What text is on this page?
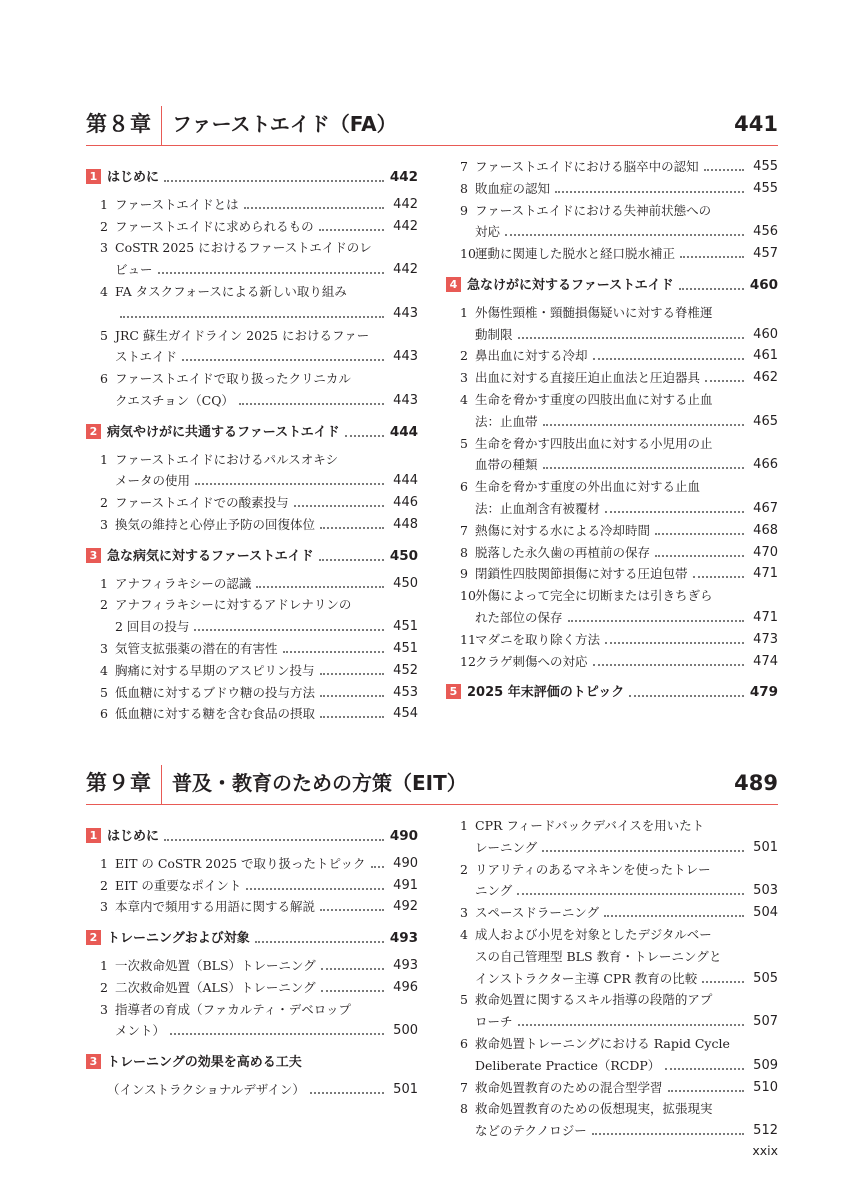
第８章	ファーストエイド（FA）	441
1 はじめに	442
1 ファーストエイドとは	442
2 ファーストエイドに求められるもの	442
3 CoSTR 2025 におけるファーストエイドのレ
ビュー	442
4 FA タスクフォースによる新しい取り組み
443
5 JRC 蘇生ガイドライン 2025 におけるファー
ストエイド	443
6 ファーストエイドで取り扱ったクリニカル
クエスチョン（CQ）	443
2 病気やけがに共通するファーストエイド	444
1 ファーストエイドにおけるパルスオキシ
メータの使用	444
2 ファーストエイドでの酸素投与	446
3 換気の維持と心停止予防の回復体位	448
3 急な病気に対するファーストエイド	450
1 アナフィラキシーの認識	450
2 アナフィラキシーに対するアドレナリンの
2 回目の投与	451
3 気管支拡張薬の潜在的有害性	451
4 胸痛に対する早期のアスピリン投与	452
5 低血糖に対するブドウ糖の投与方法	453
6 低血糖に対する糖を含む食品の摂取	454
7 ファーストエイドにおける脳卒中の認知	455
8 敗血症の認知	455
9 ファーストエイドにおける失神前状態への
対応	456
10運動に関連した脱水と経口脱水補正	457
4 急なけがに対するファーストエイド	460
1 外傷性頸椎・頸髄損傷疑いに対する脊椎運
動制限	460
2 鼻出血に対する冷却	461
3 出血に対する直接圧迫止血法と圧迫器具	462
4 生命を脅かす重度の四肢出血に対する止血
法：止血帯	465
5 生命を脅かす四肢出血に対する小児用の止
血帯の種類	466
6 生命を脅かす重度の外出血に対する止血
法：止血剤含有被覆材	467
7 熱傷に対する水による冷却時間	468
8 脱落した永久歯の再植前の保存	470
9 閉鎖性四肢関節損傷に対する圧迫包帯	471
10外傷によって完全に切断または引きちぎら
れた部位の保存	471
11マダニを取り除く方法	473
12クラゲ刺傷への対応	474
5 2025 年末評価のトピック	479
第９章	普及・教育のための方策（EIT）	489
1 はじめに	490
1 EIT の CoSTR 2025 で取り扱ったトピック	490
2 EIT の重要なポイント	491
3 本章内で頻用する用語に関する解説	492
2 トレーニングおよび対象	493
1 一次救命処置（BLS）トレーニング	493
2 二次救命処置（ALS）トレーニング	496
3 指導者の育成（ファカルティ・デベロップ
メント）	500
3 トレーニングの効果を高める工夫
（インストラクショナルデザイン）	501
1 CPR フィードバックデバイスを用いたト
レーニング	501
2 リアリティのあるマネキンを使ったトレー
ニング	503
3 スペースドラーニング	504
4 成人および小児を対象としたデジタルベー
スの自己管理型 BLS 教育・トレーニングと
インストラクター主導 CPR 教育の比較	505
5 救命処置に関するスキル指導の段階的アプ
ローチ	507
6 救命処置トレーニングにおける Rapid Cycle
Deliberate Practice（RCDP）	509
7 救命処置教育のための混合型学習	510
8 救命処置教育のための仮想現実，拡張現実
などのテクノロジー	512
xxix
